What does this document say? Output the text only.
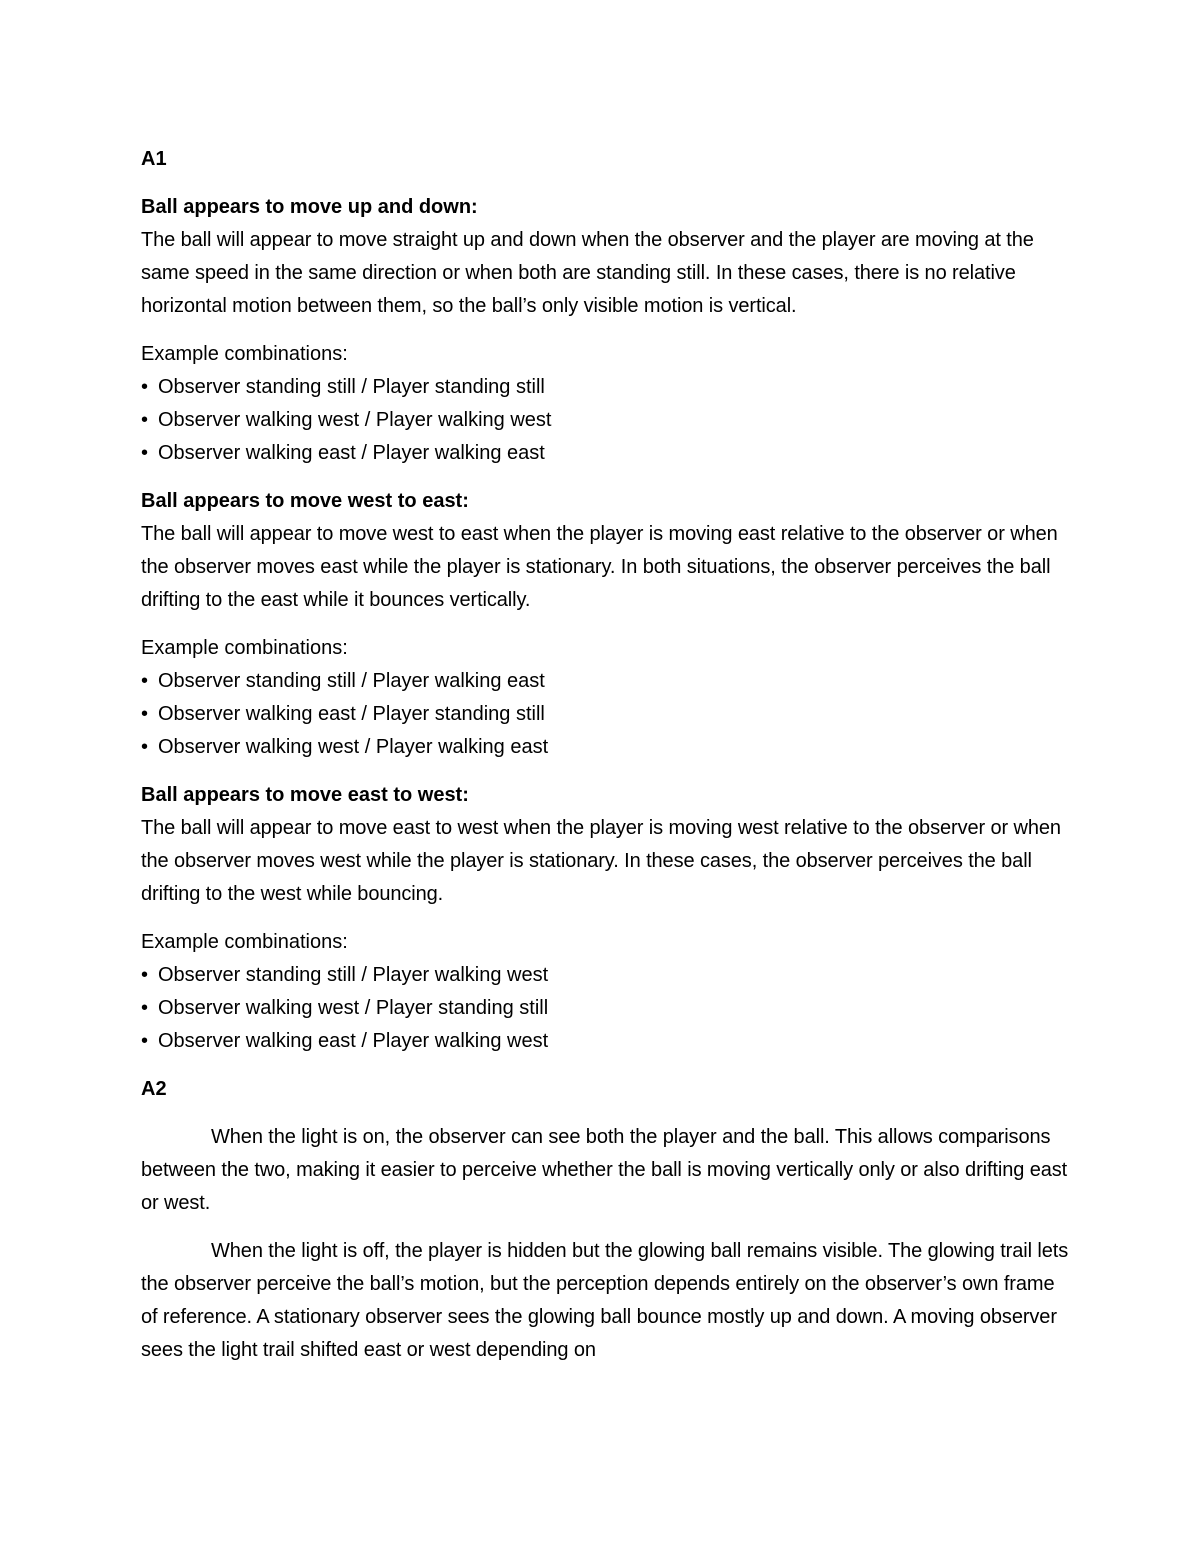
A1
Ball appears to move up and down:

The ball will appear to move straight up and down when the observer and the player are moving at the same speed in the same direction or when both are standing still. In these cases, there is no relative horizontal motion between them, so the ball’s only visible motion is vertical.

Example combinations:

• Observer standing still / Player standing still
• Observer walking west / Player walking west
• Observer walking east / Player walking east
Ball appears to move west to east:

The ball will appear to move west to east when the player is moving east relative to the observer or when the observer moves east while the player is stationary. In both situations, the observer perceives the ball drifting to the east while it bounces vertically.

Example combinations:

• Observer standing still / Player walking east
• Observer walking east / Player standing still
• Observer walking west / Player walking east
Ball appears to move east to west:

The ball will appear to move east to west when the player is moving west relative to the observer or when the observer moves west while the player is stationary. In these cases, the observer perceives the ball drifting to the west while bouncing.

Example combinations:

• Observer standing still / Player walking west
• Observer walking west / Player standing still
• Observer walking east / Player walking west
A2

When the light is on, the observer can see both the player and the ball. This allows comparisons between the two, making it easier to perceive whether the ball is moving vertically only or also drifting east or west.

When the light is off, the player is hidden but the glowing ball remains visible. The glowing trail lets the observer perceive the ball’s motion, but the perception depends entirely on the observer’s own frame of reference. A stationary observer sees the glowing ball bounce mostly up and down. A moving observer sees the light trail shifted east or west depending on
